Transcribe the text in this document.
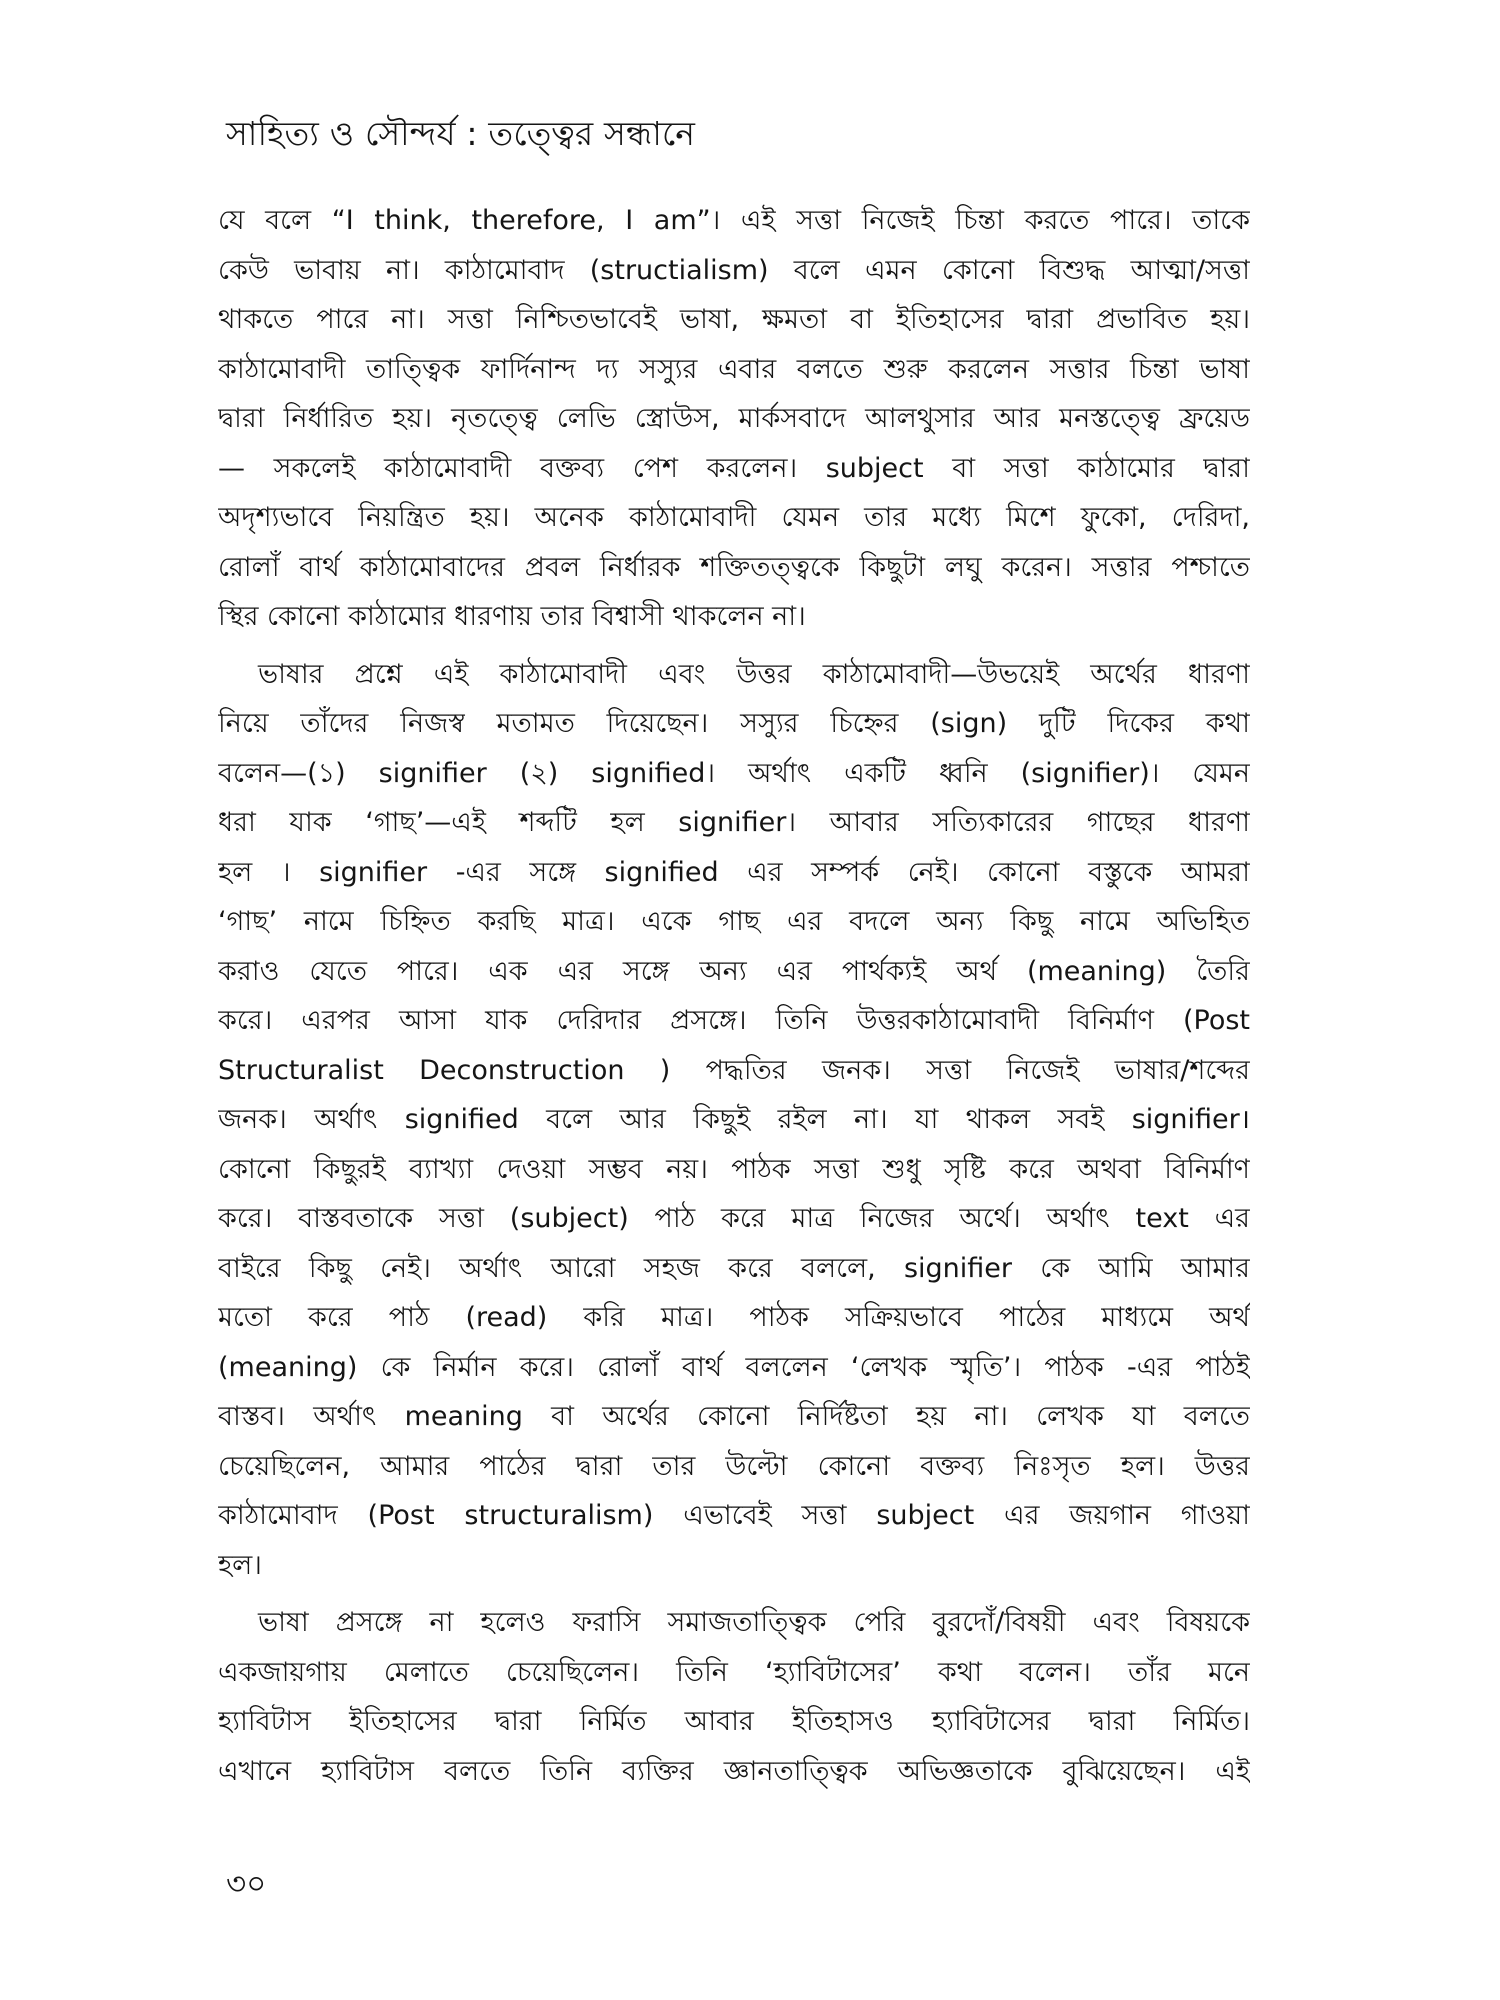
সাহিত্য ও সৌন্দর্য : তত্ত্বের সন্ধানে

যে বলে “I think, therefore, I am”। এই সত্তা নিজেই চিন্তা করতে পারে। তাকে
কেউ ভাবায় না। কাঠামোবাদ (structialism) বলে এমন কোনো বিশুদ্ধ আত্মা/সত্তা
থাকতে পারে না। সত্তা নিশ্চিতভাবেই ভাষা, ক্ষমতা বা ইতিহাসের দ্বারা প্রভাবিত হয়।
কাঠামোবাদী তাত্ত্বিক ফার্দিনান্দ দ্য সস্যুর এবার বলতে শুরু করলেন সত্তার চিন্তা ভাষা
দ্বারা নির্ধারিত হয়। নৃতত্ত্বে লেভি স্ত্রোউস, মার্কসবাদে আলথুসার আর মনস্তত্ত্বে ফ্রয়েড
— সকলেই কাঠামোবাদী বক্তব্য পেশ করলেন। subject বা সত্তা কাঠামোর দ্বারা
অদৃশ্যভাবে নিয়ন্ত্রিত হয়। অনেক কাঠামোবাদী যেমন তার মধ্যে মিশে ফুকো, দেরিদা,
রোলাঁ বার্থ কাঠামোবাদের প্রবল নির্ধারক শক্তিতত্ত্বকে কিছুটা লঘু করেন। সত্তার পশ্চাতে
স্থির কোনো কাঠামোর ধারণায় তার বিশ্বাসী থাকলেন না।

ভাষার প্রশ্নে এই কাঠামোবাদী এবং উত্তর কাঠামোবাদী—উভয়েই অর্থের ধারণা
নিয়ে তাঁদের নিজস্ব মতামত দিয়েছেন। সস্যুর চিহ্নের (sign) দুটি দিকের কথা
বলেন—(১) signifier (২) signified। অর্থাৎ একটি ধ্বনি (signifier)। যেমন
ধরা যাক ‘গাছ’—এই শব্দটি হল signifier। আবার সত্যিকারের গাছের ধারণা
হল । signifier -এর সঙ্গে signified এর সম্পর্ক নেই। কোনো বস্তুকে আমরা
‘গাছ’ নামে চিহ্নিত করছি মাত্র। একে গাছ এর বদলে অন্য কিছু নামে অভিহিত
করাও যেতে পারে। এক এর সঙ্গে অন্য এর পার্থক্যই অর্থ (meaning) তৈরি
করে। এরপর আসা যাক দেরিদার প্রসঙ্গে। তিনি উত্তরকাঠামোবাদী বিনির্মাণ (Post
Structuralist Deconstruction ) পদ্ধতির জনক। সত্তা নিজেই ভাষার/শব্দের
জনক। অর্থাৎ signified বলে আর কিছুই রইল না। যা থাকল সবই signifier।
কোনো কিছুরই ব্যাখ্যা দেওয়া সম্ভব নয়। পাঠক সত্তা শুধু সৃষ্টি করে অথবা বিনির্মাণ
করে। বাস্তবতাকে সত্তা (subject) পাঠ করে মাত্র নিজের অর্থে। অর্থাৎ text এর
বাইরে কিছু নেই। অর্থাৎ আরো সহজ করে বললে, signifier কে আমি আমার
মতো করে পাঠ (read) করি মাত্র। পাঠক সক্রিয়ভাবে পাঠের মাধ্যমে অর্থ
(meaning) কে নির্মান করে। রোলাঁ বার্থ বললেন ‘লেখক স্মৃতি’। পাঠক -এর পাঠই
বাস্তব। অর্থাৎ meaning বা অর্থের কোনো নির্দিষ্টতা হয় না। লেখক যা বলতে
চেয়েছিলেন, আমার পাঠের দ্বারা তার উল্টো কোনো বক্তব্য নিঃসৃত হল। উত্তর
কাঠামোবাদ (Post structuralism) এভাবেই সত্তা subject এর জয়গান গাওয়া
হল।

ভাষা প্রসঙ্গে না হলেও ফরাসি সমাজতাত্ত্বিক পেরি বুরদোঁ/বিষয়ী এবং বিষয়কে
একজায়গায় মেলাতে চেয়েছিলেন। তিনি ‘হ্যাবিটাসের’ কথা বলেন। তাঁর মনে
হ্যাবিটাস ইতিহাসের দ্বারা নির্মিত আবার ইতিহাসও হ্যাবিটাসের দ্বারা নির্মিত।
এখানে হ্যাবিটাস বলতে তিনি ব্যক্তির জ্ঞানতাত্ত্বিক অভিজ্ঞতাকে বুঝিয়েছেন। এই

৩০
